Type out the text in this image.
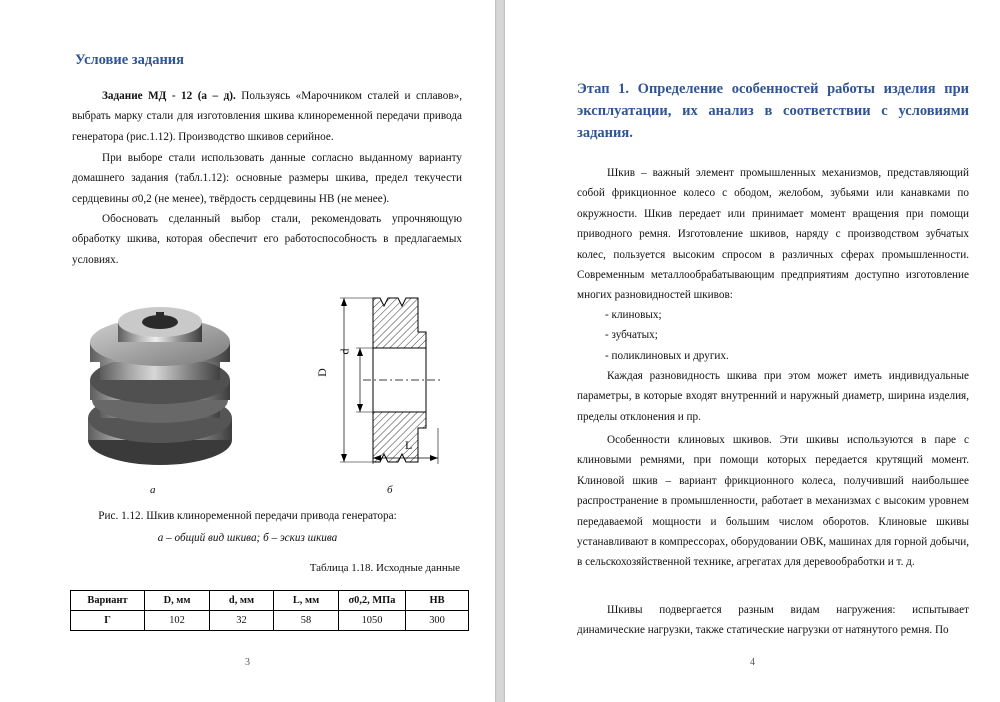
Условие задания

Задание МД - 12 (а – д). Пользуясь «Марочником сталей и сплавов», выбрать марку стали для изготовления шкива клиноременной передачи привода генератора (рис.1.12). Производство шкивов серийное.

При выборе стали использовать данные согласно выданному варианту домашнего задания (табл.1.12): основные размеры шкива, предел текучести сердцевины σ0,2 (не менее), твёрдость сердцевины НВ (не менее).

Обосновать сделанный выбор стали, рекомендовать упрочняющую обработку шкива, которая обеспечит его работоспособность в предлагаемых условиях.

а
D
d
L
б
Рис. 1.12. Шкив клиноременной передачи привода генератора:
а – общий вид шкива; б – эскиз шкива
Таблица 1.18. Исходные данные
Вариант	D, мм	d, мм	L, мм	σ0,2, МПа	HB
Г	102	32	58	1050	300
3
Этап 1. Определение особенностей работы изделия при эксплуатации, их анализ в соответствии с условиями задания.

Шкив – важный элемент промышленных механизмов, представляющий собой фрикционное колесо с ободом, желобом, зубьями или канавками по окружности. Шкив передает или принимает момент вращения при помощи приводного ремня. Изготовление шкивов, наряду с производством зубчатых колес, пользуется высоким спросом в различных сферах промышленности. Современным металлообрабатывающим предприятиям доступно изготовление многих разновидностей шкивов:

- клиновых;
- зубчатых;
- поликлиновых и других.

Каждая разновидность шкива при этом может иметь индивидуальные параметры, в которые входят внутренний и наружный диаметр, ширина изделия, пределы отклонения и пр.

Особенности клиновых шкивов. Эти шкивы используются в паре с клиновыми ремнями, при помощи которых передается крутящий момент. Клиновой шкив – вариант фрикционного колеса, получивший наибольшее распространение в промышленности, работает в механизмах с высоким уровнем передаваемой мощности и большим числом оборотов. Клиновые шкивы устанавливают в компрессорах, оборудовании ОВК, машинах для горной добычи, в сельскохозяйственной технике, агрегатах для деревообработки и т. д.

Шкивы подвергается разным видам нагружения: испытывает динамические нагрузки, также статические нагрузки от натянутого ремня. По

4
